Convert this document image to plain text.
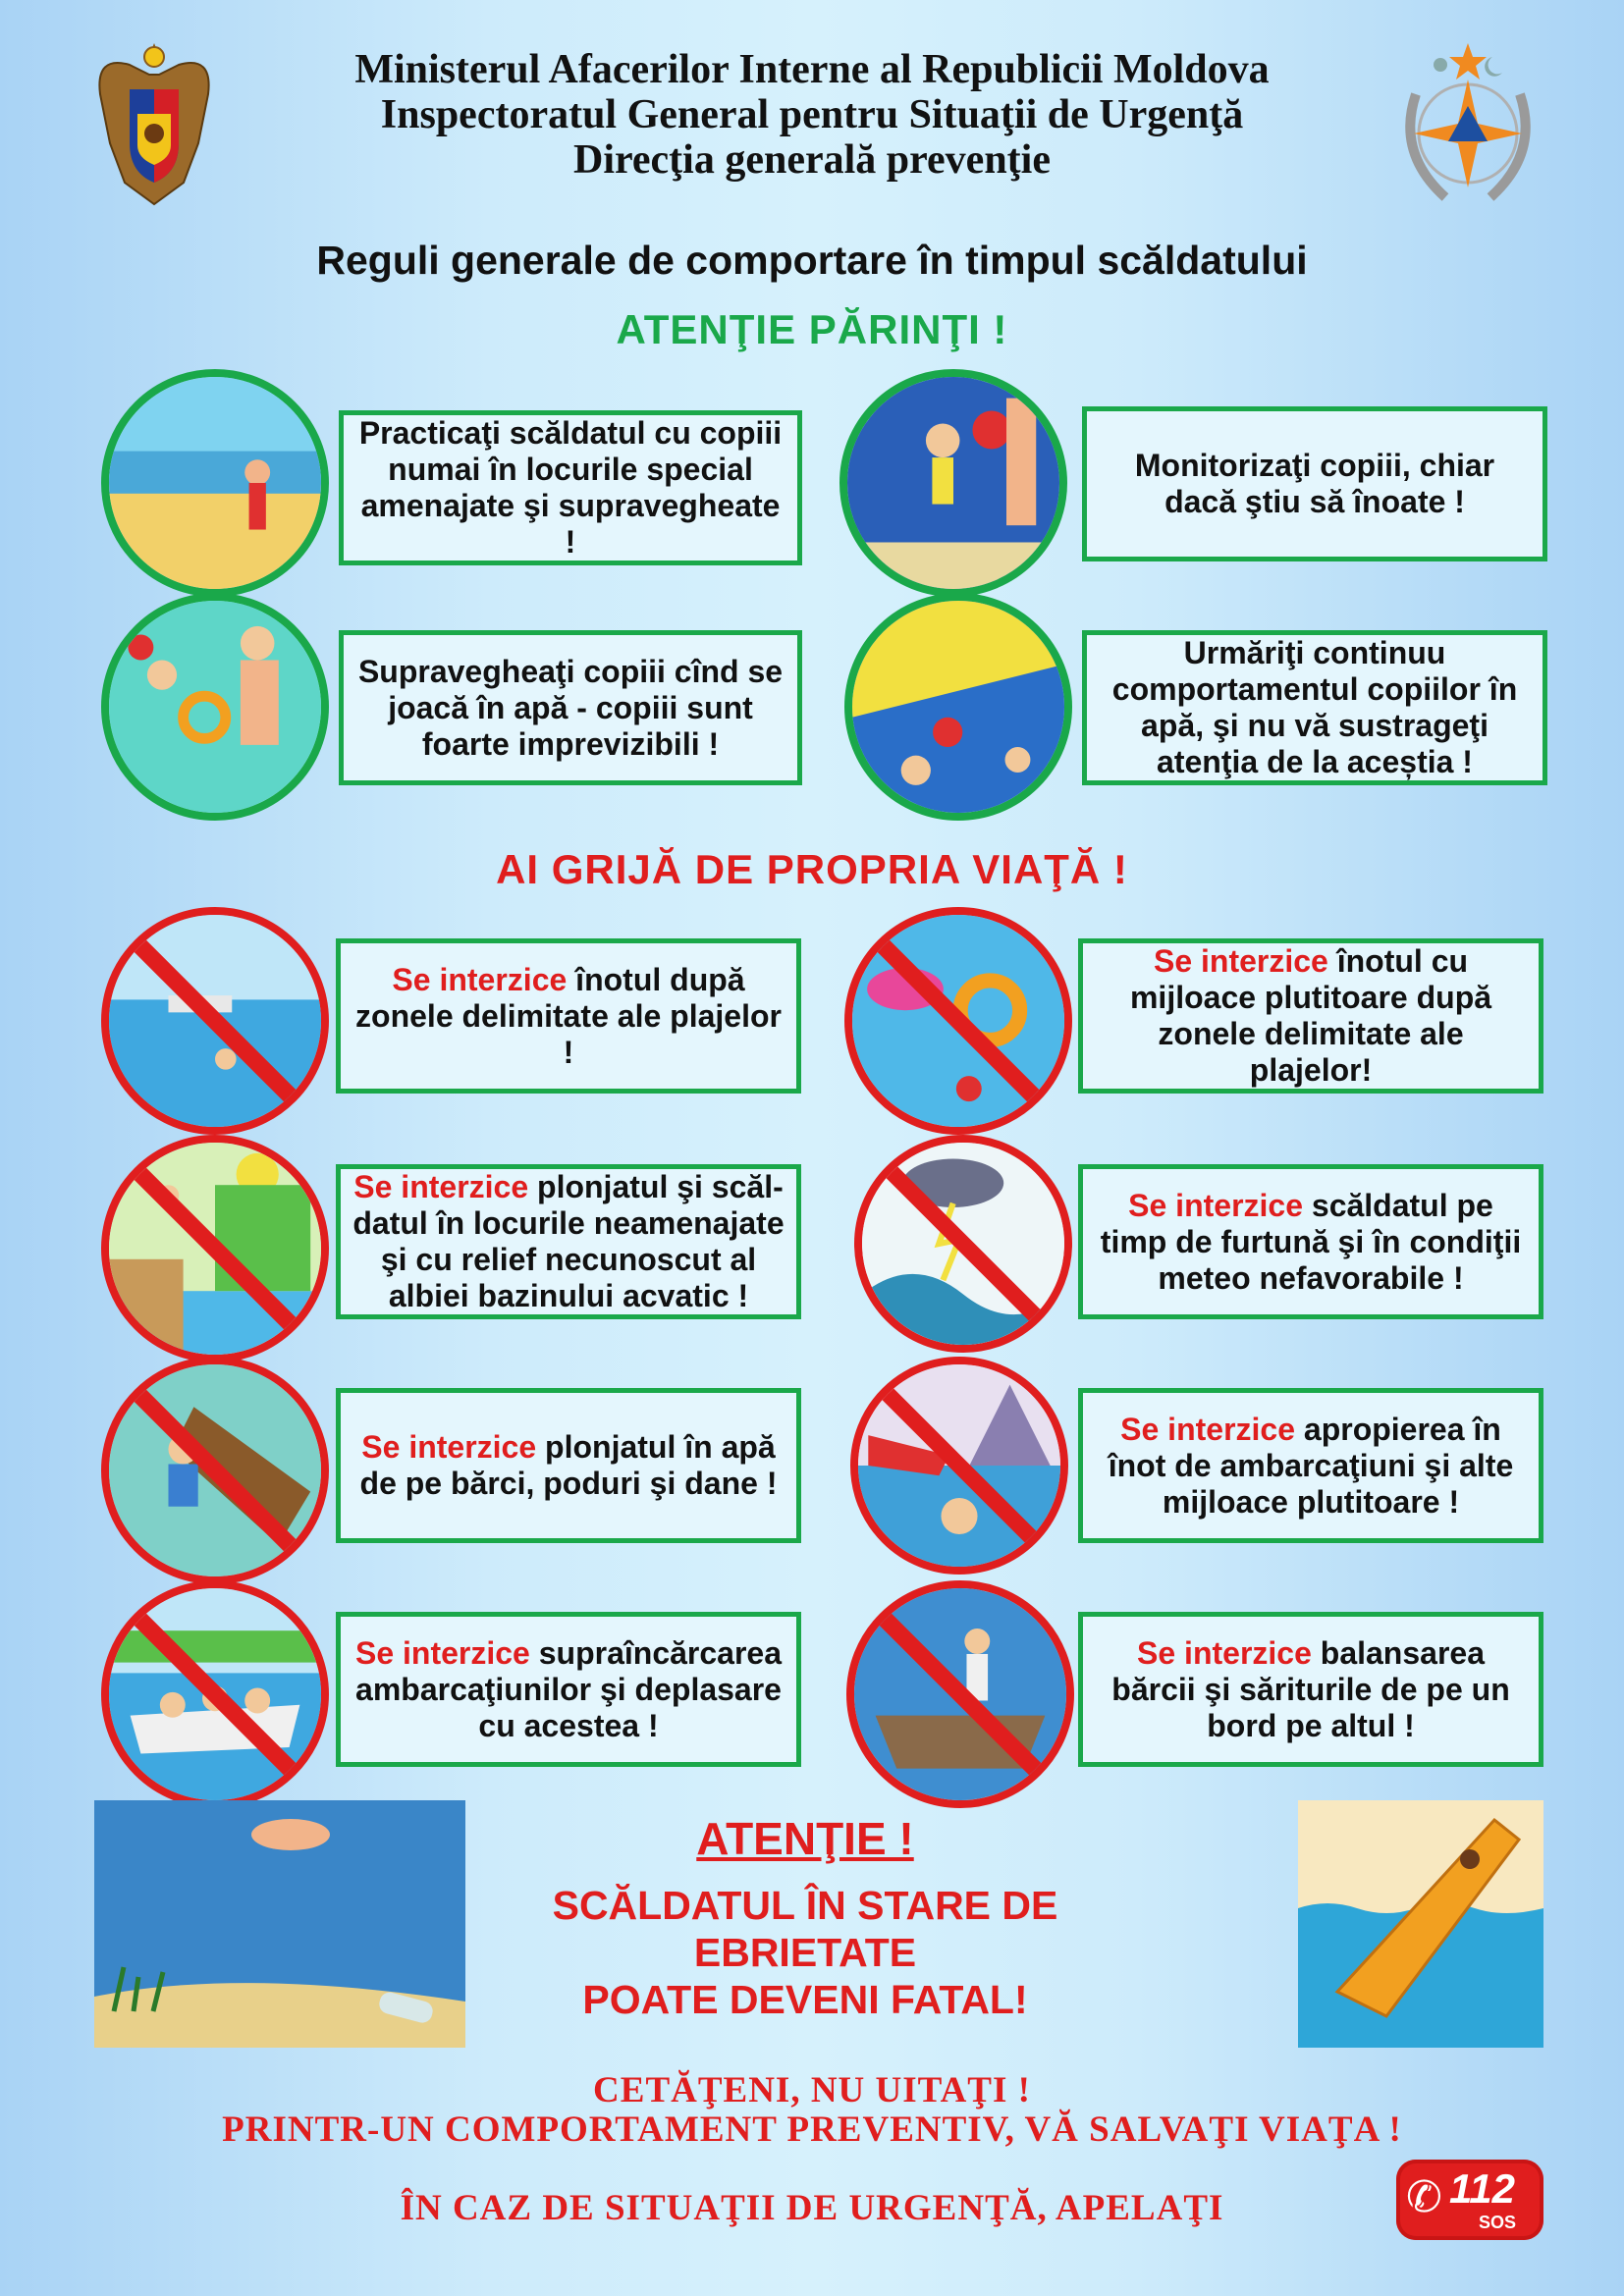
Ministerul Afacerilor Interne al Republicii Moldova
Inspectoratul General pentru Situaţii de Urgenţă
Direcţia generală prevenţie
Reguli generale de comportare în timpul scăldatului
ATENŢIE PĂRINŢI !
Practicaţi scăldatul cu copiii numai în locurile special amenajate şi supravegheate !
Monitorizaţi copiii, chiar dacă ştiu să înoate !
Supravegheaţi copiii cînd se joacă în apă - copiii sunt foarte imprevizibili !
Urmăriţi continuu comportamentul copiilor în apă, şi nu vă sustrageţi atenţia de la aceștia !
AI GRIJĂ DE PROPRIA VIAŢĂ !
Se interzice înotul după zonele delimitate ale plajelor !
Se interzice înotul cu mijloace plutitoare după zonele delimitate ale plajelor!
Se interzice plonjatul şi scăl-datul în locurile neamenajate şi cu relief necunoscut al albiei bazinului acvatic !
Se interzice scăldatul pe timp de furtună şi în condiţii meteo nefavorabile !
Se interzice plonjatul în apă de pe bărci, poduri şi dane !
Se interzice apropierea în înot de ambarcaţiuni şi alte mijloace plutitoare !
Se interzice supraîncărcarea ambarcaţiunilor şi deplasare cu acestea !
Se interzice balansarea bărcii şi săriturile de pe un bord pe altul !
ATENŢIE !
SCĂLDATUL ÎN STARE DE
EBRIETATE
POATE DEVENI FATAL!
CETĂŢENI, NU UITAŢI !
PRINTR-UN COMPORTAMENT PREVENTIV, VĂ SALVAŢI VIAŢA !
ÎN CAZ DE SITUAŢII DE URGENŢĂ, APELAŢI	✆ 112
SOS
